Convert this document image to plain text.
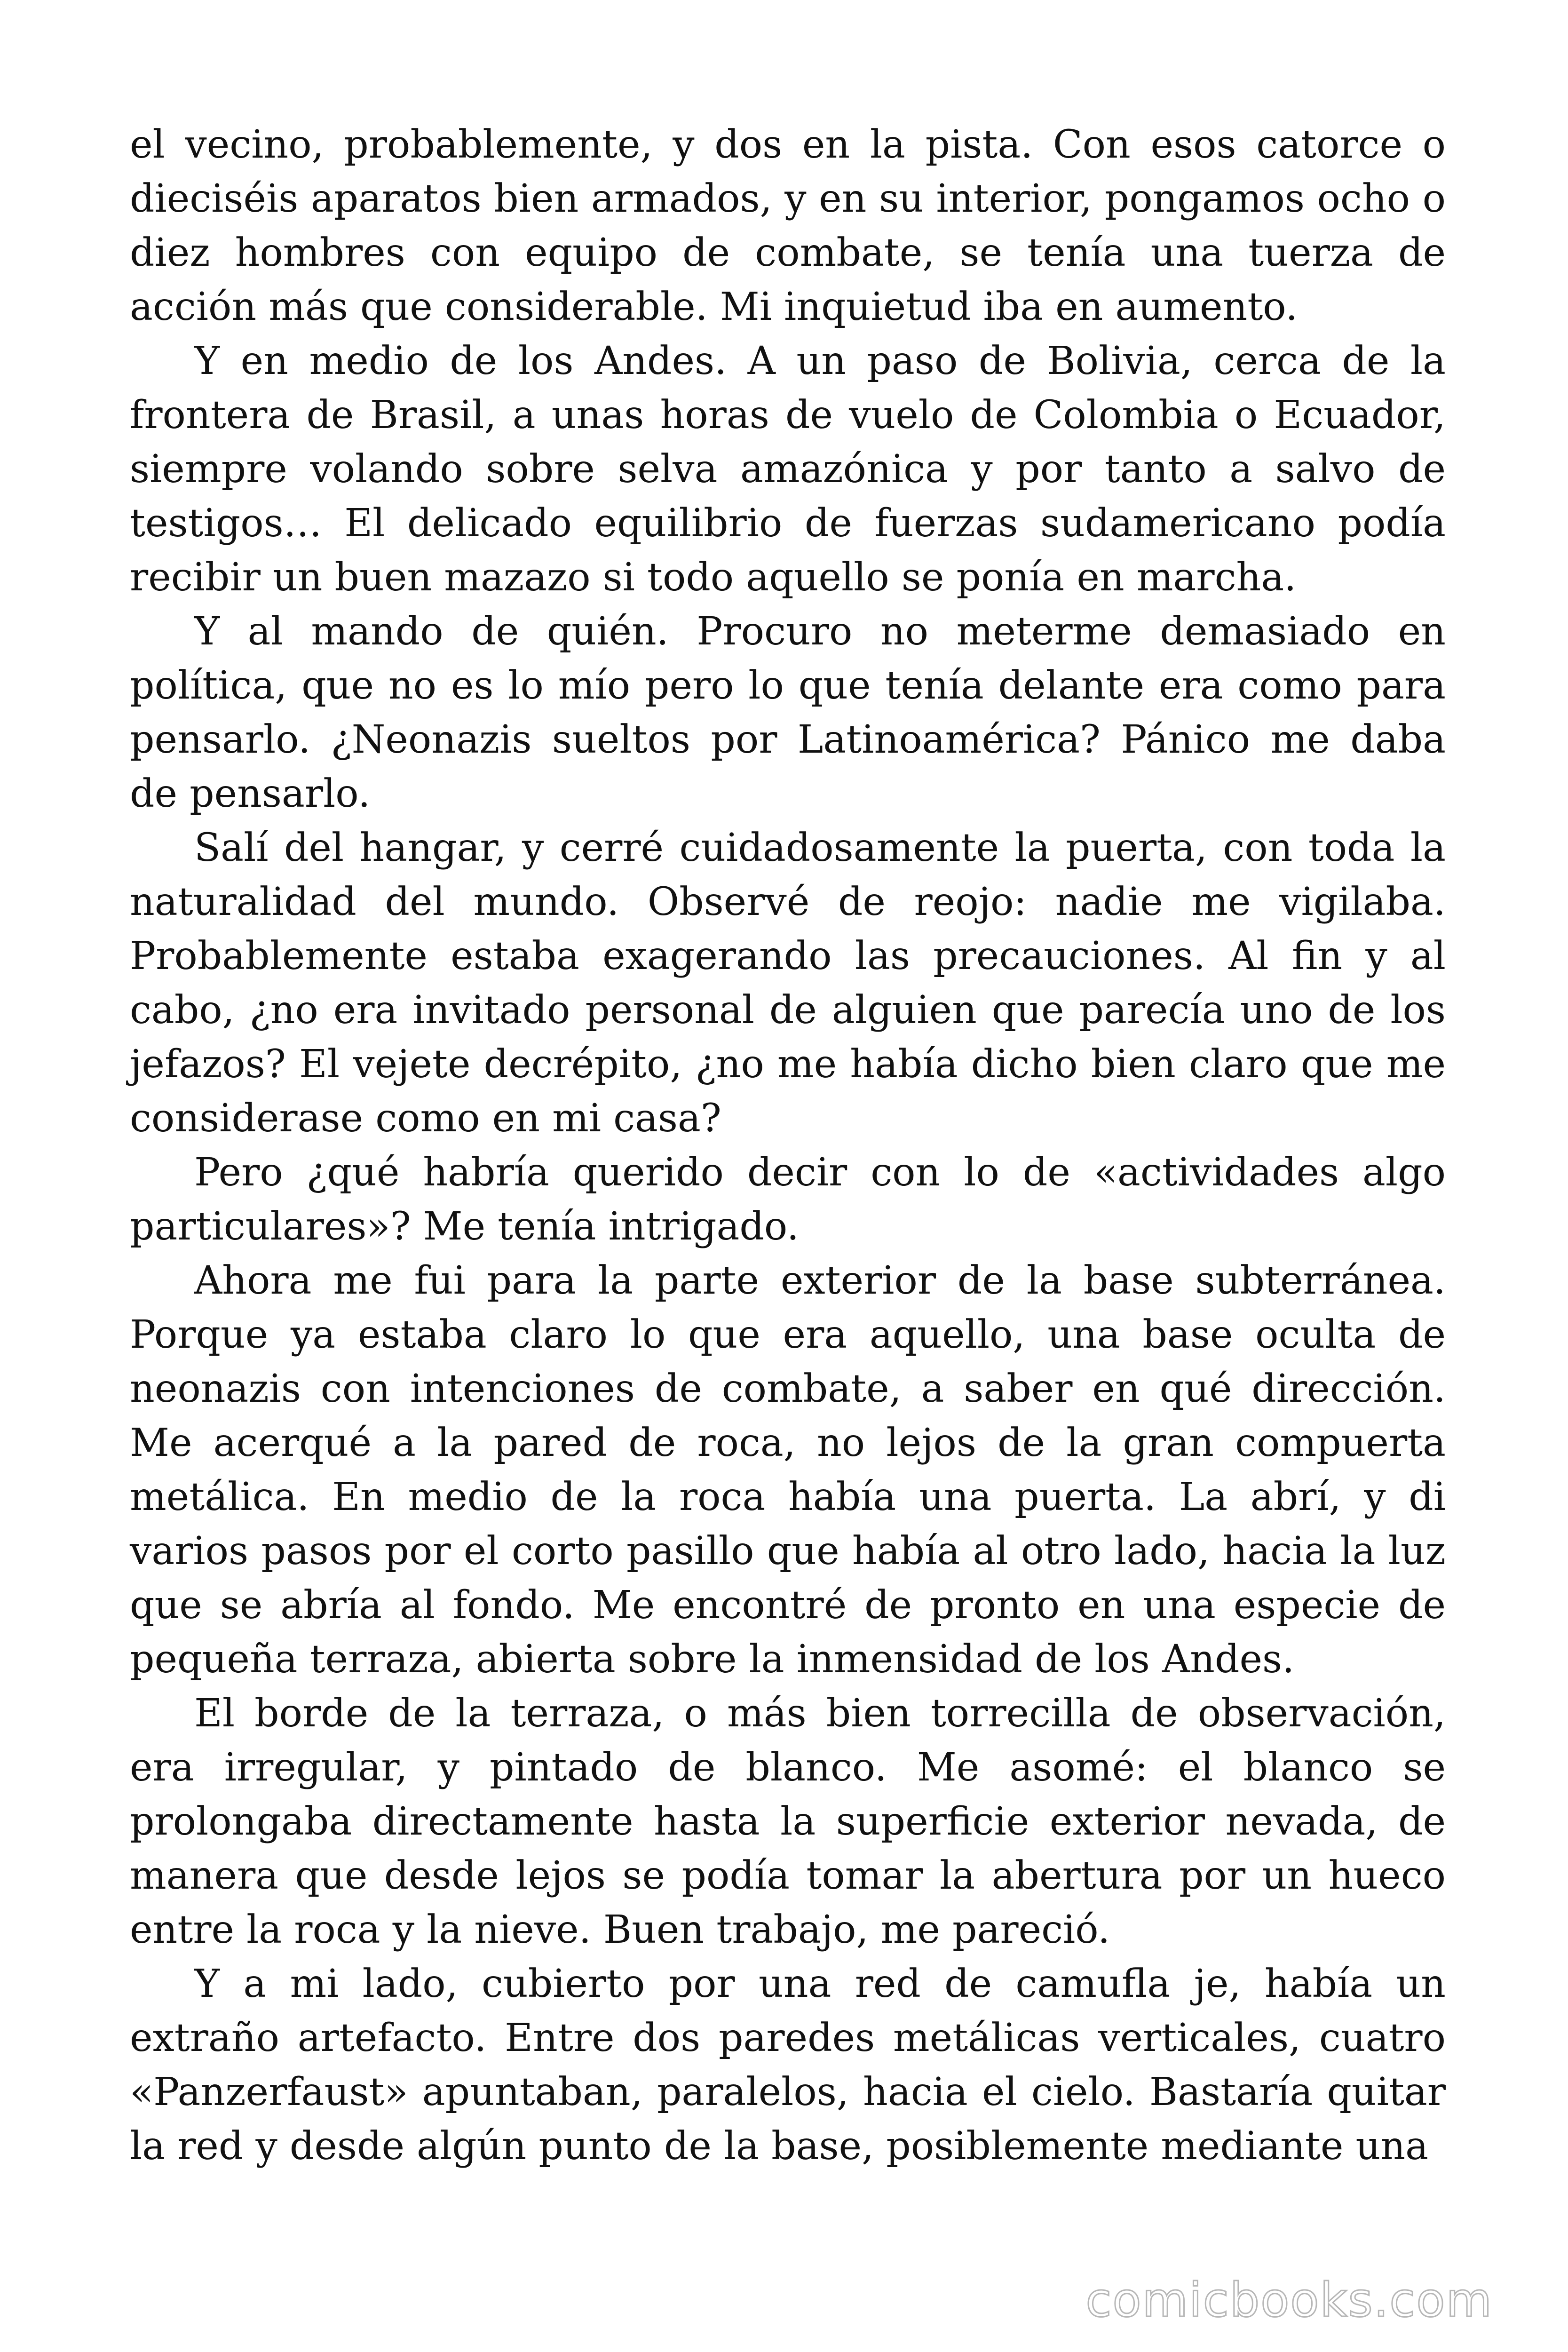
el vecino, probablemente, y dos en la pista. Con esos catorce o dieciséis aparatos bien armados, y en su interior, pongamos ocho o diez hombres con equipo de combate, se tenía una tuerza de acción más que considerable. Mi inquietud iba en aumento.

Y en medio de los Andes. A un paso de Bolivia, cerca de la frontera de Brasil, a unas horas de vuelo de Colombia o Ecuador, siempre volando sobre selva amazónica y por tanto a salvo de testigos… El delicado equilibrio de fuerzas sudamericano podía recibir un buen mazazo si todo aquello se ponía en marcha.

Y al mando de quién. Procuro no meterme demasiado en política, que no es lo mío pero lo que tenía delante era como para pensarlo. ¿Neonazis sueltos por Latinoamérica? Pánico me daba de pensarlo.

Salí del hangar, y cerré cuidadosamente la puerta, con toda la naturalidad del mundo. Observé de reojo: nadie me vigilaba. Probablemente estaba exagerando las precauciones. Al fin y al cabo, ¿no era invitado personal de alguien que parecía uno de los jefazos? El vejete decrépito, ¿no me había dicho bien claro que me considerase como en mi casa?

Pero ¿qué habría querido decir con lo de «actividades algo particulares»? Me tenía intrigado.

Ahora me fui para la parte exterior de la base subterránea. Porque ya estaba claro lo que era aquello, una base oculta de neonazis con intenciones de combate, a saber en qué dirección. Me acerqué a la pared de roca, no lejos de la gran compuerta metálica. En medio de la roca había una puerta. La abrí, y di varios pasos por el corto pasillo que había al otro lado, hacia la luz que se abría al fondo. Me encontré de pronto en una especie de pequeña terraza, abierta sobre la inmensidad de los Andes.

El borde de la terraza, o más bien torrecilla de observación, era irregular, y pintado de blanco. Me asomé: el blanco se prolongaba directamente hasta la superficie exterior nevada, de manera que desde lejos se podía tomar la abertura por un hueco entre la roca y la nieve. Buen trabajo, me pareció.

Y a mi lado, cubierto por una red de camufla je, había un extraño artefacto. Entre dos paredes metálicas verticales, cuatro «Panzerfaust» apuntaban, paralelos, hacia el cielo. Bastaría quitar la red y desde algún punto de la base, posiblemente mediante una

comicbooks.com
